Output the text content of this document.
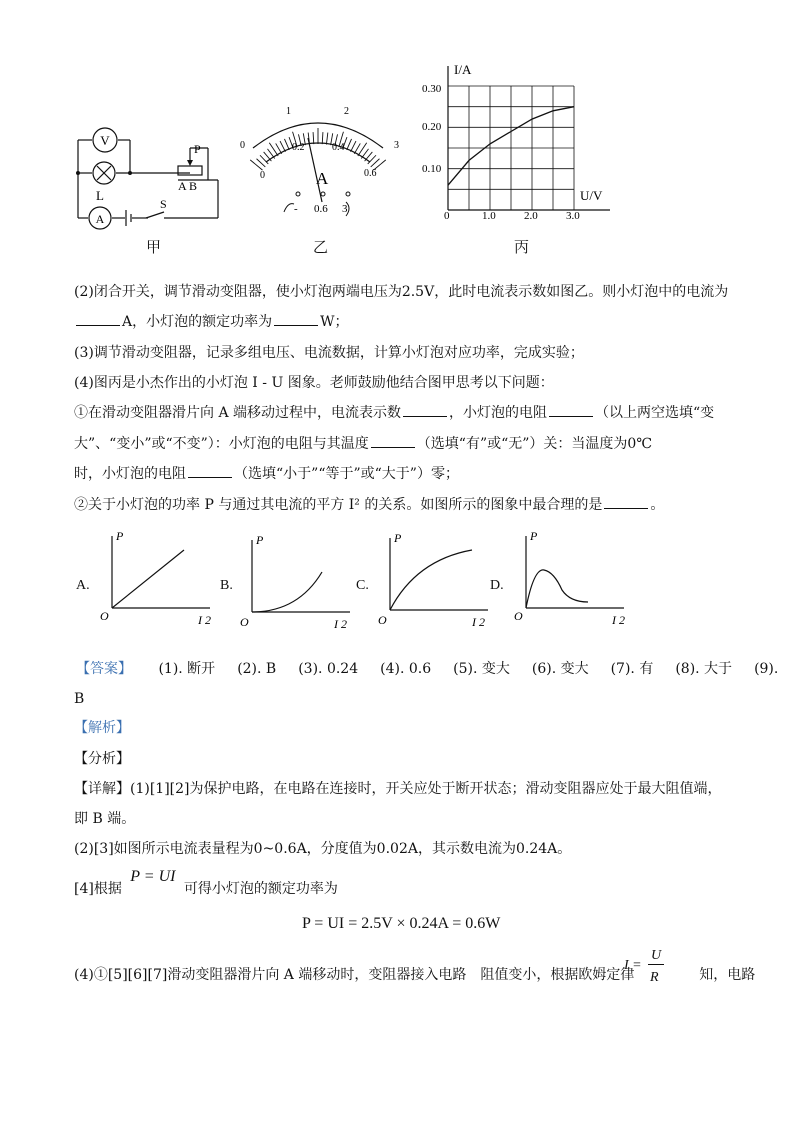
V
A
L
P
A B
S
甲
0
1	2
3
0
0.2	0.4
0.6
A
- 0.6 3
乙
I/A
U/V
0.30
0.20
0.10
0	1.0	2.0	3.0
丙
(2)闭合开关，调节滑动变阻器，使小灯泡两端电压为2.5V，此时电流表示数如图乙。则小灯泡中的电流为
A，小灯泡的额定功率为	W；
(3)调节滑动变阻器，记录多组电压、电流数据，计算小灯泡对应功率，完成实验；
(4)图丙是小杰作出的小灯泡 I - U 图象。老师鼓励他结合图甲思考以下问题：
①在滑动变阻器滑片向 A 端移动过程中，电流表示数	，小灯泡的电阻	（以上两空选填“变
大”、“变小”或“不变”）：小灯泡的电阻与其温度	（选填“有”或“无”）关：当温度为0℃
时，小灯泡的电阻	（选填“小于”“等于”或“大于”）零；
②关于小灯泡的功率 P 与通过其电流的平方 I² 的关系。如图所示的图象中最合理的是	。
A.
P
O	I 2
B.
P
O	I 2
C.
P
O	I 2
D.
P
O	I 2
【答案】 (1). 断开 (2). B (3). 0.24 (4). 0.6 (5). 变大 (6). 变大 (7). 有 (8). 大于 (9).
B
【解析】
【分析】
【详解】(1)[1][2]为保护电路，在电路在连接时，开关应处于断开状态；滑动变阻器应处于最大阻值端，
即 B 端。
(2)[3]如图所示电流表量程为0~0.6A，分度值为0.02A，其示数电流为0.24A。
[4]根据 P = UI 可得小灯泡的额定功率为
P = UI = 2.5V × 0.24A = 0.6W
(4)①[5][6][7]滑动变阻器滑片向 A 端移动时，变阻器接入电路　阻值变小，根据欧姆定律	知，电路
I =
U
R
